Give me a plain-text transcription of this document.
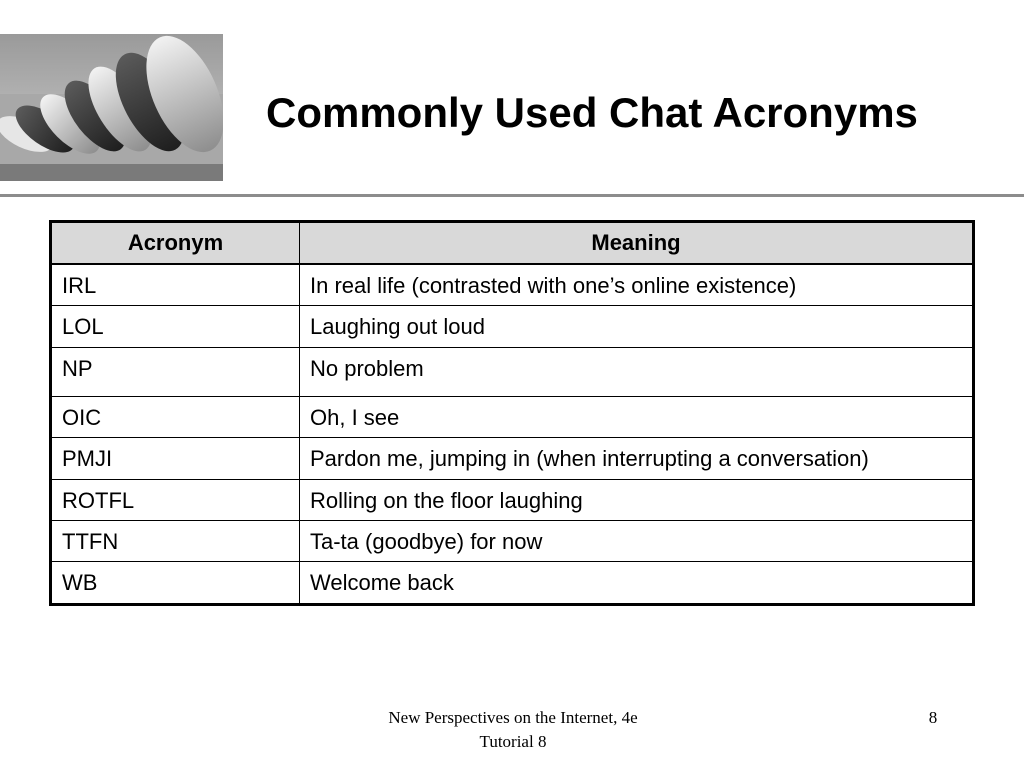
Commonly Used Chat Acronyms
Acronym	Meaning
IRL	In real life (contrasted with one’s online existence)
LOL	Laughing out loud
NP	No problem
OIC	Oh, I see
PMJI	Pardon me, jumping in (when interrupting a conversation)
ROTFL	Rolling on the floor laughing
TTFN	Ta-ta (goodbye) for now
WB	Welcome back
New Perspectives on the Internet, 4e
Tutorial 8
8
